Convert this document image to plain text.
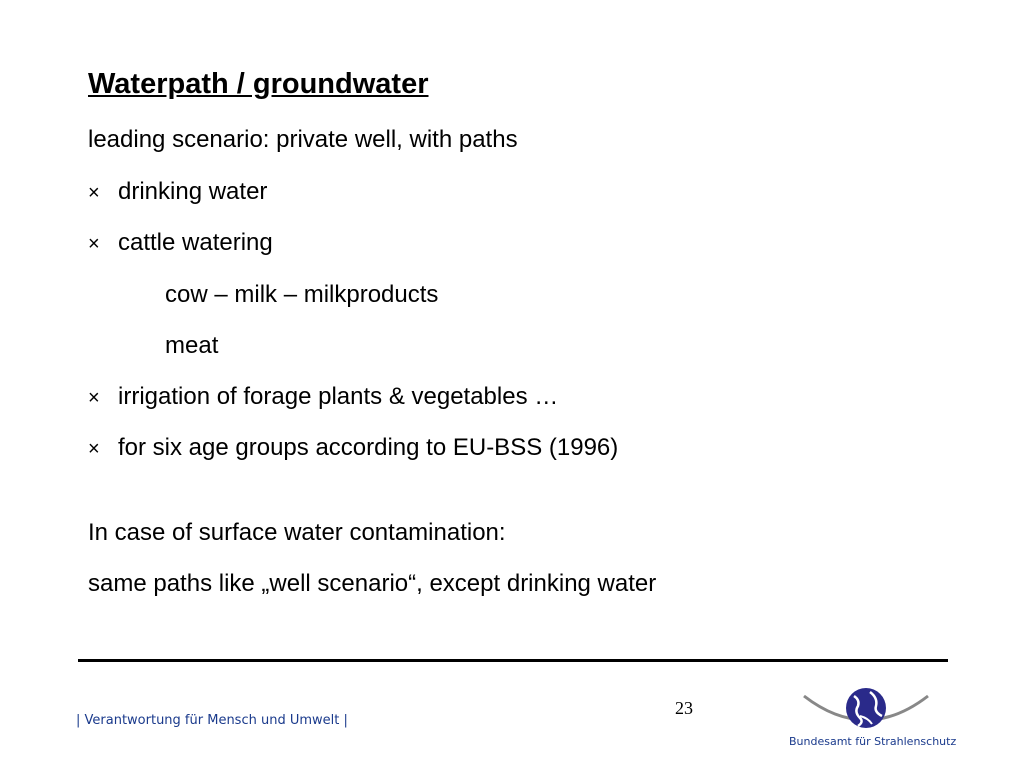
Waterpath / groundwater
leading scenario: private well, with paths
× drinking water
× cattle watering
cow – milk – milkproducts
meat
× irrigation of forage plants & vegetables …
× for six age groups according to EU-BSS (1996)
In case of surface water contamination:
same paths like „well scenario“, except drinking water
23
| Verantwortung für Mensch und Umwelt |
Bundesamt für Strahlenschutz
